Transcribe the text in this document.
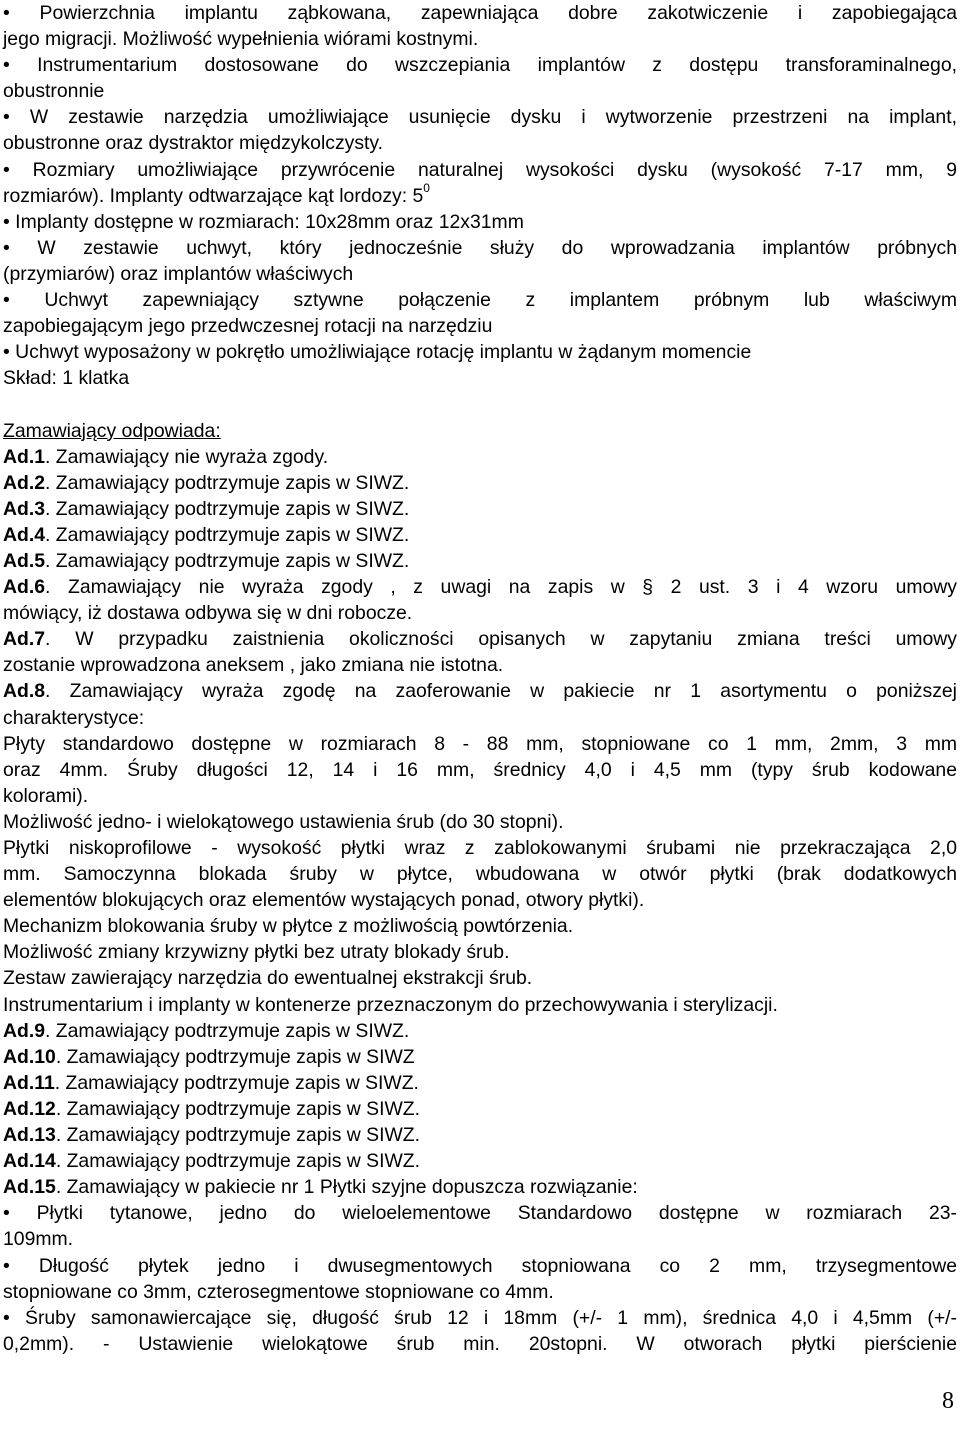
• Powierzchnia implantu ząbkowana, zapewniająca dobre zakotwiczenie i zapobiegająca
jego migracji. Możliwość wypełnienia wiórami kostnymi.
• Instrumentarium dostosowane do wszczepiania implantów z dostępu transforaminalnego,
obustronnie
• W zestawie narzędzia umożliwiające usunięcie dysku i wytworzenie przestrzeni na implant,
obustronne oraz dystraktor międzykolczysty.
• Rozmiary umożliwiające przywrócenie naturalnej wysokości dysku (wysokość 7-17 mm, 9
rozmiarów). Implanty odtwarzające kąt lordozy: $5^0$
• Implanty dostępne w rozmiarach: 10x28mm oraz 12x31mm
• W zestawie uchwyt, który jednocześnie służy do wprowadzania implantów próbnych
(przymiarów) oraz implantów właściwych
• Uchwyt zapewniający sztywne połączenie z implantem próbnym lub właściwym
zapobiegającym jego przedwczesnej rotacji na narzędziu
• Uchwyt wyposażony w pokrętło umożliwiające rotację implantu w żądanym momencie
Skład: 1 klatka
Zamawiający odpowiada:
Ad.1. Zamawiający nie wyraża zgody.
Ad.2. Zamawiający podtrzymuje zapis w SIWZ.
Ad.3. Zamawiający podtrzymuje zapis w SIWZ.
Ad.4. Zamawiający podtrzymuje zapis w SIWZ.
Ad.5. Zamawiający podtrzymuje zapis w SIWZ.
Ad.6. Zamawiający nie wyraża zgody , z uwagi na zapis w § 2 ust. 3 i 4 wzoru umowy
mówiący, iż dostawa odbywa się w dni robocze.
Ad.7. W przypadku zaistnienia okoliczności opisanych w zapytaniu zmiana treści umowy
zostanie wprowadzona aneksem , jako zmiana nie istotna.
Ad.8. Zamawiający wyraża zgodę na zaoferowanie w pakiecie nr 1 asortymentu o poniższej
charakterystyce:
Płyty standardowo dostępne w rozmiarach 8 - 88 mm, stopniowane co 1 mm, 2mm, 3 mm
oraz 4mm. Śruby długości 12, 14 i 16 mm, średnicy 4,0 i 4,5 mm (typy śrub kodowane
kolorami).
Możliwość jedno- i wielokątowego ustawienia śrub (do 30 stopni).
Płytki niskoprofilowe - wysokość płytki wraz z zablokowanymi śrubami nie przekraczająca 2,0
mm. Samoczynna blokada śruby w płytce, wbudowana w otwór płytki (brak dodatkowych
elementów blokujących oraz elementów wystających ponad, otwory płytki).
Mechanizm blokowania śruby w płytce z możliwością powtórzenia.
Możliwość zmiany krzywizny płytki bez utraty blokady śrub.
Zestaw zawierający narzędzia do ewentualnej ekstrakcji śrub.
Instrumentarium i implanty w kontenerze przeznaczonym do przechowywania i sterylizacji.
Ad.9. Zamawiający podtrzymuje zapis w SIWZ.
Ad.10. Zamawiający podtrzymuje zapis w SIWZ
Ad.11. Zamawiający podtrzymuje zapis w SIWZ.
Ad.12. Zamawiający podtrzymuje zapis w SIWZ.
Ad.13. Zamawiający podtrzymuje zapis w SIWZ.
Ad.14. Zamawiający podtrzymuje zapis w SIWZ.
Ad.15. Zamawiający w pakiecie nr 1 Płytki szyjne dopuszcza rozwiązanie:
• Płytki tytanowe, jedno do wieloelementowe Standardowo dostępne w rozmiarach 23-
109mm.
• Długość płytek jedno i dwusegmentowych stopniowana co 2 mm, trzysegmentowe
stopniowane co 3mm, czterosegmentowe stopniowane co 4mm.
• Śruby samonawiercające się, długość śrub 12 i 18mm (+/- 1 mm), średnica 4,0 i 4,5mm (+/-
0,2mm). - Ustawienie wielokątowe śrub min. 20stopni. W otworach płytki pierścienie
8
